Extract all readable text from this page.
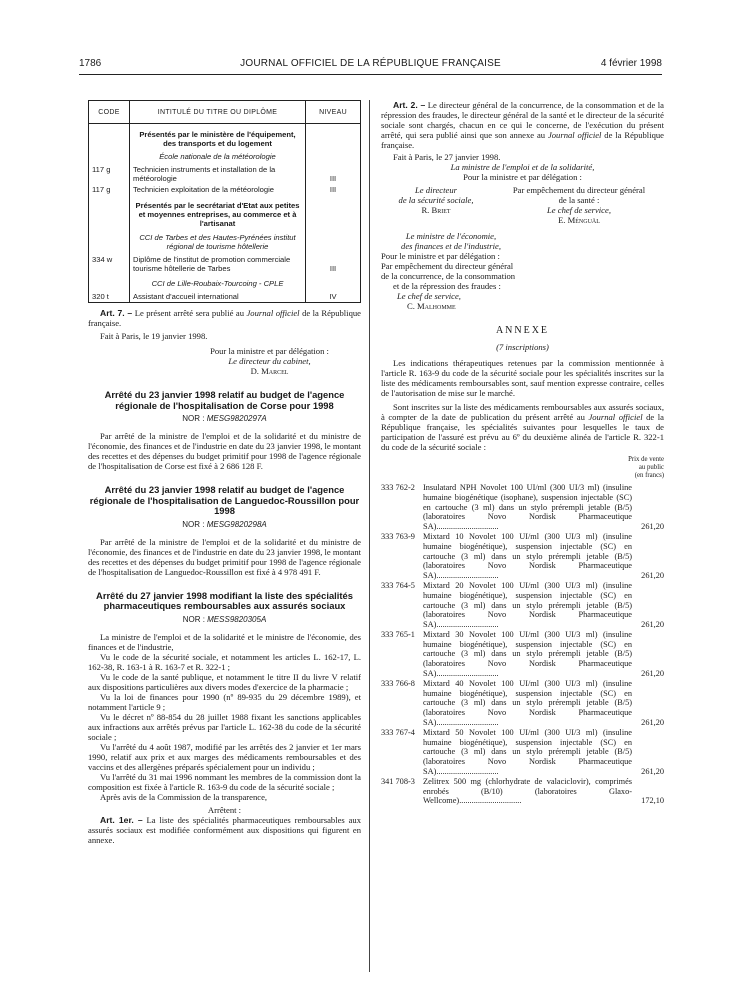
1786	JOURNAL OFFICIEL DE LA RÉPUBLIQUE FRANÇAISE	4 février 1998
CODE	INTITULÉ DU TITRE OU DIPLÔME	NIVEAU
	Présentés par le ministère de l'équipement, des transports et du logement	
	École nationale de la météorologie	
117 g	Technicien instruments et installation de la météorologie	III
117 g	Technicien exploitation de la météorologie	III
	Présentés par le secrétariat d'Etat aux petites et moyennes entreprises, au commerce et à l'artisanat	
	CCI de Tarbes et des Hautes-Pyrénées institut régional de tourisme hôtellerie	
334 w	Diplôme de l'institut de promotion commerciale tourisme hôtellerie de Tarbes	III
	CCI de Lille-Roubaix-Tourcoing - CPLE	
320 t	Assistant d'accueil international	IV

Art. 7. – Le présent arrêté sera publié au Journal officiel de la République française.

Fait à Paris, le 19 janvier 1998.

Pour la ministre et par délégation :

Le directeur du cabinet,

D. Marcel

Arrêté du 23 janvier 1998 relatif au budget de l'agence régionale de l'hospitalisation de Corse pour 1998

NOR : MESG9820297A

Par arrêté de la ministre de l'emploi et de la solidarité et du ministre de l'économie, des finances et de l'industrie en date du 23 janvier 1998, le montant des recettes et des dépenses du budget primitif pour 1998 de l'agence régionale de l'hospitalisation de Corse est fixé à 2 686 128 F.

Arrêté du 23 janvier 1998 relatif au budget de l'agence régionale de l'hospitalisation de Languedoc-Roussillon pour 1998

NOR : MESG9820298A

Par arrêté de la ministre de l'emploi et de la solidarité et du ministre de l'économie, des finances et de l'industrie en date du 23 janvier 1998, le montant des recettes et des dépenses du budget primitif pour 1998 de l'agence régionale de l'hospitalisation de Languedoc-Roussillon est fixé à 4 978 491 F.

Arrêté du 27 janvier 1998 modifiant la liste des spécialités pharmaceutiques remboursables aux assurés sociaux

NOR : MESS9820305A

La ministre de l'emploi et de la solidarité et le ministre de l'économie, des finances et de l'industrie,

Vu le code de la sécurité sociale, et notamment les articles L. 162-17, L. 162-38, R. 163-1 à R. 163-7 et R. 322-1 ;

Vu le code de la santé publique, et notamment le titre II du livre V relatif aux dispositions particulières aux divers modes d'exercice de la pharmacie ;

Vu la loi de finances pour 1990 (nº 89-935 du 29 décembre 1989), et notamment l'article 9 ;

Vu le décret nº 88-854 du 28 juillet 1988 fixant les sanctions applicables aux infractions aux arrêtés prévus par l'article L. 162-38 du code de la sécurité sociale ;

Vu l'arrêté du 4 août 1987, modifié par les arrêtés des 2 janvier et 1er mars 1990, relatif aux prix et aux marges des médicaments remboursables et des vaccins et des allergènes préparés spécialement pour un individu ;

Vu l'arrêté du 31 mai 1996 nommant les membres de la commission dont la composition est fixée à l'article R. 163-9 du code de la sécurité sociale ;

Après avis de la Commission de la transparence,

Arrêtent :

Art. 1er. – La liste des spécialités pharmaceutiques remboursables aux assurés sociaux est modifiée conformément aux dispositions qui figurent en annexe.

Art. 2. – Le directeur général de la concurrence, de la consommation et de la répression des fraudes, le directeur général de la santé et le directeur de la sécurité sociale sont chargés, chacun en ce qui le concerne, de l'exécution du présent arrêté, qui sera publié ainsi que son annexe au Journal officiel de la République française.

Fait à Paris, le 27 janvier 1998.

La ministre de l'emploi et de la solidarité,

Pour la ministre et par délégation :

Le directeur
de la sécurité sociale,
R. Briet
Par empêchement du directeur général
de la santé :
Le chef de service,
E. Ménguäl

Le ministre de l'économie,

des finances et de l'industrie,

Pour le ministre et par délégation :

Par empêchement du directeur général

de la concurrence, de la consommation

et de la répression des fraudes :

Le chef de service,

C. Malhomme

ANNEXE

(7 inscriptions)

Les indications thérapeutiques retenues par la commission mentionnée à l'article R. 163-9 du code de la sécurité sociale pour les spécialités inscrites sur la liste des médicaments remboursables sont, sauf mention expresse contraire, celles de l'autorisation de mise sur le marché.

Sont inscrites sur la liste des médicaments remboursables aux assurés sociaux, à compter de la date de publication du présent arrêté au Journal officiel de la République française, les spécialités suivantes pour lesquelles le taux de participation de l'assuré est prévu au 6º du deuxième alinéa de l'article R. 322-1 du code de la sécurité sociale :

Prix de vente
au public
(en francs)
333 762-2 Insulatard NPH Novolet 100 UI/ml (300 UI/3 ml) (insuline humaine biogénétique (isophane), suspension injectable (SC) en cartouche (3 ml) dans un stylo prérempli jetable (B/5) (laboratoires Novo Nordisk Pharmaceutique SA)..............................	261,20
333 763-9 Mixtard 10 Novolet 100 UI/ml (300 UI/3 ml) (insuline humaine biogénétique), suspension injectable (SC) en cartouche (3 ml) dans un stylo prérempli jetable (B/5) (laboratoires Novo Nordisk Pharmaceutique SA)..............................	261,20
333 764-5 Mixtard 20 Novolet 100 UI/ml (300 UI/3 ml) (insuline humaine biogénétique), suspension injectable (SC) en cartouche (3 ml) dans un stylo prérempli jetable (B/5) (laboratoires Novo Nordisk Pharmaceutique SA)..............................	261,20
333 765-1 Mixtard 30 Novolet 100 UI/ml (300 UI/3 ml) (insuline humaine biogénétique), suspension injectable (SC) en cartouche (3 ml) dans un stylo prérempli jetable (B/5) (laboratoires Novo Nordisk Pharmaceutique SA)..............................	261,20
333 766-8 Mixtard 40 Novolet 100 UI/ml (300 UI/3 ml) (insuline humaine biogénétique), suspension injectable (SC) en cartouche (3 ml) dans un stylo prérempli jetable (B/5) (laboratoires Novo Nordisk Pharmaceutique SA)..............................	261,20
333 767-4 Mixtard 50 Novolet 100 UI/ml (300 UI/3 ml) (insuline humaine biogénétique), suspension injectable (SC) en cartouche (3 ml) dans un stylo prérempli jetable (B/5) (laboratoires Novo Nordisk Pharmaceutique SA)..............................	261,20
341 708-3 Zelitrex 500 mg (chlorhydrate de valaciclovir), comprimés enrobés (B/10) (laboratoires Glaxo-Wellcome)..............................	172,10
